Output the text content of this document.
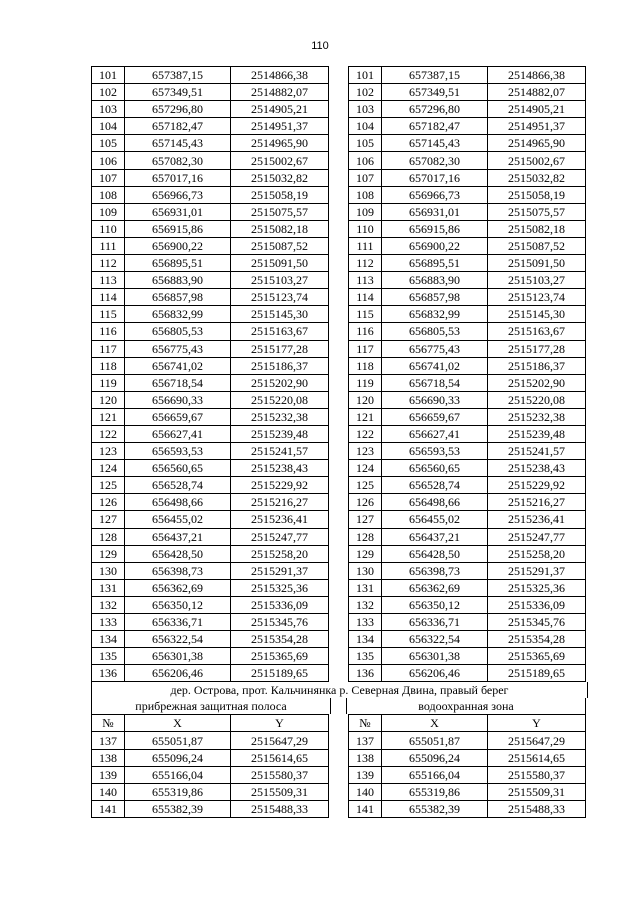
110
101	657387,15	2514866,38
102	657349,51	2514882,07
103	657296,80	2514905,21
104	657182,47	2514951,37
105	657145,43	2514965,90
106	657082,30	2515002,67
107	657017,16	2515032,82
108	656966,73	2515058,19
109	656931,01	2515075,57
110	656915,86	2515082,18
111	656900,22	2515087,52
112	656895,51	2515091,50
113	656883,90	2515103,27
114	656857,98	2515123,74
115	656832,99	2515145,30
116	656805,53	2515163,67
117	656775,43	2515177,28
118	656741,02	2515186,37
119	656718,54	2515202,90
120	656690,33	2515220,08
121	656659,67	2515232,38
122	656627,41	2515239,48
123	656593,53	2515241,57
124	656560,65	2515238,43
125	656528,74	2515229,92
126	656498,66	2515216,27
127	656455,02	2515236,41
128	656437,21	2515247,77
129	656428,50	2515258,20
130	656398,73	2515291,37
131	656362,69	2515325,36
132	656350,12	2515336,09
133	656336,71	2515345,76
134	656322,54	2515354,28
135	656301,38	2515365,69
136	656206,46	2515189,65
101	657387,15	2514866,38
102	657349,51	2514882,07
103	657296,80	2514905,21
104	657182,47	2514951,37
105	657145,43	2514965,90
106	657082,30	2515002,67
107	657017,16	2515032,82
108	656966,73	2515058,19
109	656931,01	2515075,57
110	656915,86	2515082,18
111	656900,22	2515087,52
112	656895,51	2515091,50
113	656883,90	2515103,27
114	656857,98	2515123,74
115	656832,99	2515145,30
116	656805,53	2515163,67
117	656775,43	2515177,28
118	656741,02	2515186,37
119	656718,54	2515202,90
120	656690,33	2515220,08
121	656659,67	2515232,38
122	656627,41	2515239,48
123	656593,53	2515241,57
124	656560,65	2515238,43
125	656528,74	2515229,92
126	656498,66	2515216,27
127	656455,02	2515236,41
128	656437,21	2515247,77
129	656428,50	2515258,20
130	656398,73	2515291,37
131	656362,69	2515325,36
132	656350,12	2515336,09
133	656336,71	2515345,76
134	656322,54	2515354,28
135	656301,38	2515365,69
136	656206,46	2515189,65
дер. Острова, прот. Кальчинянка р. Северная Двина, правый берег
прибрежная защитная полоса	водоохранная зона
№	X	Y
137	655051,87	2515647,29
138	655096,24	2515614,65
139	655166,04	2515580,37
140	655319,86	2515509,31
141	655382,39	2515488,33
№	X	Y
137	655051,87	2515647,29
138	655096,24	2515614,65
139	655166,04	2515580,37
140	655319,86	2515509,31
141	655382,39	2515488,33
